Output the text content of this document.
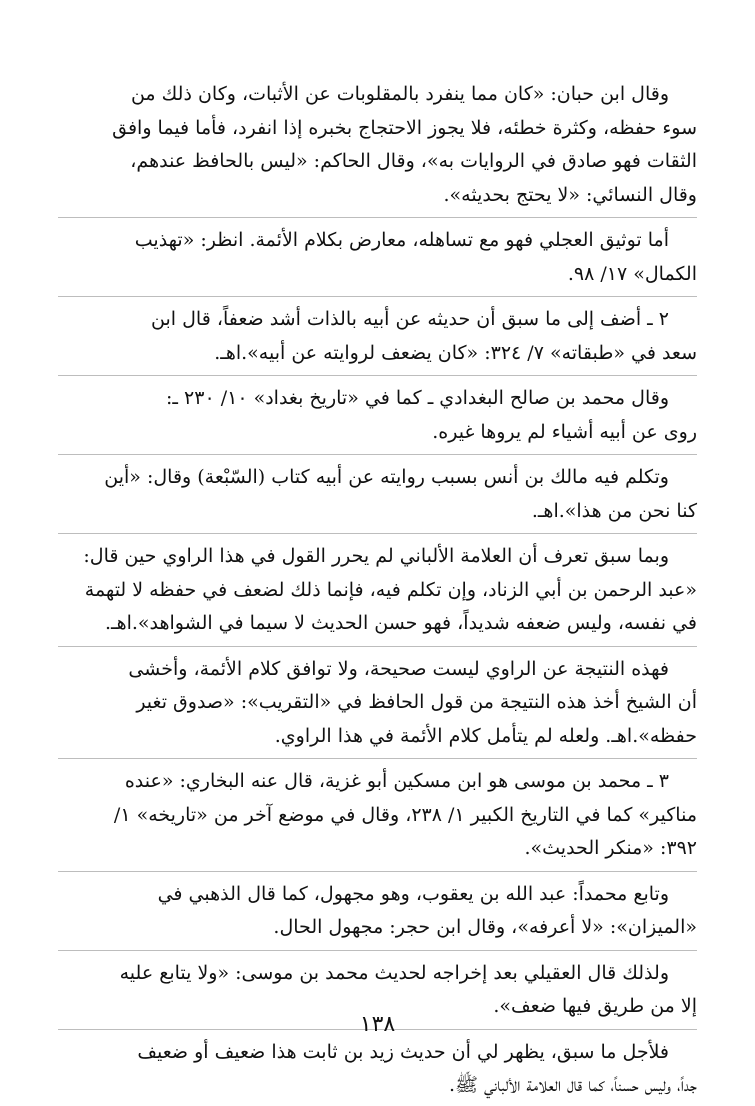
وقال ابن حبان: «كان مما ينفرد بالمقلوبات عن الأثبات، وكان ذلك من
سوء حفظه، وكثرة خطئه، فلا يجوز الاحتجاج بخبره إذا انفرد، فأما فيما وافق
الثقات فهو صادق في الروايات به»، وقال الحاكم: «ليس بالحافظ عندهم،
وقال النسائي: «لا يحتج بحديثه».

أما توثيق العجلي فهو مع تساهله، معارض بكلام الأئمة. انظر: «تهذيب
الكمال» ١٧/ ٩٨.

٢ ـ أضف إلى ما سبق أن حديثه عن أبيه بالذات أشد ضعفاً، قال ابن
سعد في «طبقاته» ٧/ ٣٢٤: «كان يضعف لروايته عن أبيه».اهـ.

وقال محمد بن صالح البغدادي ـ كما في «تاريخ بغداد» ١٠/ ٢٣٠ ـ:
روى عن أبيه أشياء لم يروها غيره.

وتكلم فيه مالك بن أنس بسبب روايته عن أبيه كتاب (السّبْعة) وقال: «أين
كنا نحن من هذا».اهـ.

وبما سبق تعرف أن العلامة الألباني لم يحرر القول في هذا الراوي حين قال:
«عبد الرحمن بن أبي الزناد، وإن تكلم فيه، فإنما ذلك لضعف في حفظه لا لتهمة
في نفسه، وليس ضعفه شديداً، فهو حسن الحديث لا سيما في الشواهد».اهـ.

فهذه النتيجة عن الراوي ليست صحيحة، ولا توافق كلام الأئمة، وأخشى
أن الشيخ أخذ هذه النتيجة من قول الحافظ في «التقريب»: «صدوق تغير
حفظه».اهـ. ولعله لم يتأمل كلام الأئمة في هذا الراوي.

٣ ـ محمد بن موسى هو ابن مسكين أبو غزية، قال عنه البخاري: «عنده
مناكير» كما في التاريخ الكبير ١/ ٢٣٨، وقال في موضع آخر من «تاريخه» ١/
٣٩٢: «منكر الحديث».

وتابع محمداً: عبد الله بن يعقوب، وهو مجهول، كما قال الذهبي في
«الميزان»: «لا أعرفه»، وقال ابن حجر: مجهول الحال.

ولذلك قال العقيلي بعد إخراجه لحديث محمد بن موسى: «ولا يتابع عليه
إلا من طريق فيها ضعف».

فلأجل ما سبق، يظهر لي أن حديث زيد بن ثابت هذا ضعيف أو ضعيف
جداً، وليس حسناً، كما قال العلامة الألباني ﷺ.

١٣٨
